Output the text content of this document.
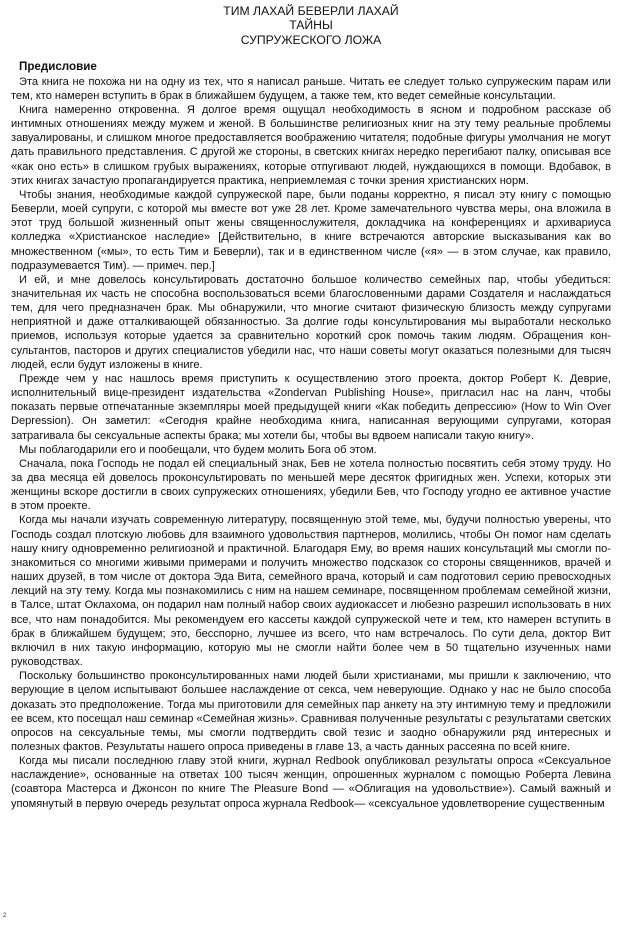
ТИМ ЛАХАЙ БЕВЕРЛИ ЛАХАЙ
ТАЙНЫ
СУПРУЖЕСКОГО ЛОЖА

Предисловие

Эта книга не похожа ни на одну из тех, что я написал раньше. Читать ее следует только супружеским парам или тем, кто намерен вступить в брак в ближайшем будущем, а также тем, кто ведет семейные консультации.

Книга намеренно откровенна. Я долгое время ощущал необходимость в ясном и подробном рассказе об интимных отношениях между мужем и женой. В большинстве религиозных книг на эту тему реальные проблемы завуалированы, и слишком многое предоставляется воображению читателя; подобные фигуры умолчания не могут дать правильного представления. С другой же стороны, в светских книгах нередко перегибают палку, описывая все «как оно есть» в слишком грубых выражениях, которые отпугивают людей, нуждающихся в помощи. Вдобавок, в этих книгах зачастую пропагандируется практика, неприемлемая с точки зрения христианских норм.

Чтобы знания, необходимые каждой супружеской паре, были поданы корректно, я писал эту книгу с помощью Беверли, моей супруги, с которой мы вместе вот уже 28 лет. Кроме замечательного чувства меры, она вложила в этот труд большой жизненный опыт жены священнослужителя, докладчика на конференциях и архивариуса колледжа «Христианское наследие» [Действительно, в книге встречаются авторские высказывания как во множественном («мы», то есть Тим и Беверли), так и в единственном числе («я» — в этом случае, как правило, подразумевается Тим). — примеч. пер.]

И ей, и мне довелось консультировать достаточно большое количество семейных пар, чтобы убедиться: значительная их часть не способна воспользоваться всеми благословенными дарами Создателя и наслаждаться тем, для чего предназначен брак. Мы обнаружили, что многие считают физическую близость между супругами неприятной и даже отталкивающей обязанностью. За долгие годы консультирования мы выработали несколько приемов, используя которые удается за сравнительно короткий срок помочь таким людям. Обращения консультантов, пасторов и других специалистов убедили нас, что наши советы могут оказаться полезными для тысяч людей, если будут изложены в книге.

Прежде чем у нас нашлось время приступить к осуществлению этого проекта, доктор Роберт К. Деврие, исполнительный вице-президент издательства «Zondervan Publishing House», пригласил нас на ланч, чтобы показать первые отпечатанные экземпляры моей предыдущей книги «Как победить депрессию» (How to Win Over Depression). Он заметил: «Сегодня крайне необходима книга, написанная верующими супругами, которая затрагивала бы сексуальные аспекты брака; мы хотели бы, чтобы вы вдвоем написали такую книгу».

Мы поблагодарили его и пообещали, что будем молить Бога об этом.

Сначала, пока Господь не подал ей специальный знак, Бев не хотела полностью посвятить себя этому труду. Но за два месяца ей довелось проконсультировать по меньшей мере десяток фригидных жен. Успехи, которых эти женщины вскоре достигли в своих супружеских отношениях, убедили Бев, что Господу угодно ее активное участие в этом проекте.

Когда мы начали изучать современную литературу, посвященную этой теме, мы, будучи полностью уверены, что Господь создал плотскую любовь для взаимного удовольствия партнеров, молились, чтобы Он помог нам сделать нашу книгу одновременно религиозной и практичной. Благодаря Ему, во время наших консультаций мы смогли познакомиться со многими живыми примерами и получить множество подсказок со стороны священников, врачей и наших друзей, в том числе от доктора Эда Вита, семейного врача, который и сам подготовил серию превосходных лекций на эту тему. Когда мы познакомились с ним на нашем семинаре, посвященном проблемам семейной жизни, в Талсе, штат Оклахома, он подарил нам полный набор своих аудиокассет и любезно разрешил использовать в них все, что нам понадобится. Мы рекомендуем его кассеты каждой супружеской чете и тем, кто намерен вступить в брак в ближайшем будущем; это, бесспорно, лучшее из всего, что нам встречалось. По сути дела, доктор Вит включил в них такую информацию, которую мы не смогли найти более чем в 50 тщательно изученных нами руководствах.

Поскольку большинство проконсультированных нами людей были христианами, мы пришли к заключению, что верующие в целом испытывают большее наслаждение от секса, чем неверующие. Однако у нас не было способа доказать это предположение. Тогда мы приготовили для семейных пар анкету на эту интимную тему и предложили ее всем, кто посещал наш семинар «Семейная жизнь». Сравнивая полученные результаты с результатами светских опросов на сексуальные темы, мы смогли подтвердить свой тезис и заодно обнаружили ряд интересных и полезных фактов. Результаты нашего опроса приведены в главе 13, а часть данных рассеяна по всей книге.

Когда мы писали последнюю главу этой книги, журнал Redbook опубликовал результаты опроса «Сексуальное наслаждение», основанные на ответах 100 тысяч женщин, опрошенных журналом с помощью Роберта Левина (соавтора Мастерса и Джонсон по книге The Pleasure Bond — «Облигация на удовольствие»). Самый важный и упомянутый в первую очередь результат опроса журнала Redbook— «сексуальное удовлетворение существенным

2
